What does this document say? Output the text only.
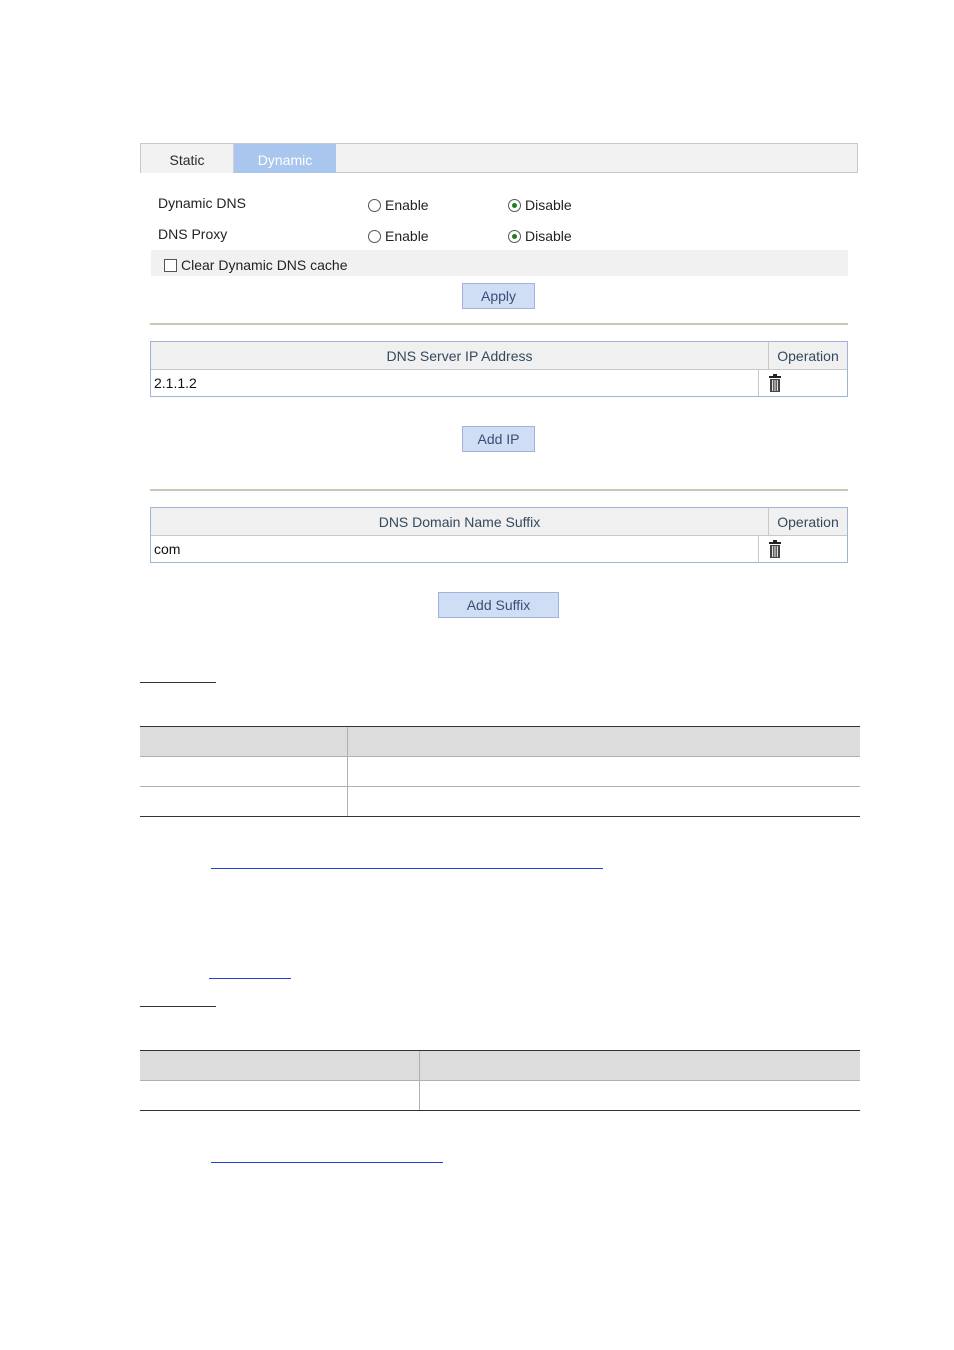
Static	Dynamic
Dynamic DNS	Enable	Disable
DNS Proxy	Enable	Disable
Clear Dynamic DNS cache
Apply
DNS Server IP Address	Operation
2.1.1.2
Add IP
DNS Domain Name Suffix	Operation
com
Add Suffix
